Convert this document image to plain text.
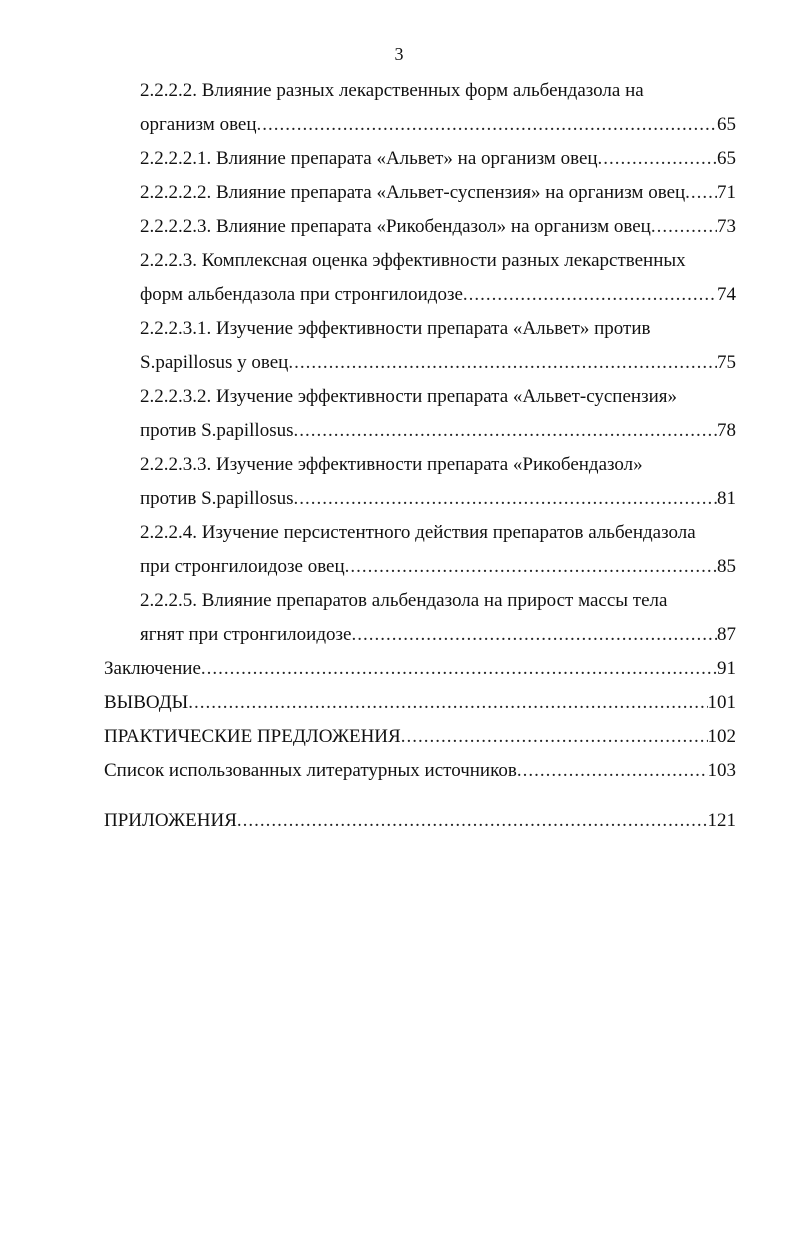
3
2.2.2.2. Влияние разных лекарственных форм альбендазола на
организм овец .....	65
2.2.2.2.1. Влияние препарата «Альвет» на организм овец .....	65
2.2.2.2.2. Влияние препарата «Альвет-суспензия» на организм овец ..... 71
2.2.2.2.3. Влияние препарата «Рикобендазол» на организм овец .....	73
2.2.2.3. Комплексная оценка эффективности разных лекарственных
форм альбендазола при стронгилоидозе .....	74
2.2.2.3.1. Изучение эффективности препарата «Альвет» против
S.papillosus у овец .....	75
2.2.2.3.2. Изучение эффективности препарата «Альвет-суспензия»
против S.papillosus .....	78
2.2.2.3.3. Изучение эффективности препарата «Рикобендазол»
против S.papillosus .....	81
2.2.2.4. Изучение персистентного действия препаратов альбендазола
при стронгилоидозе овец .....	85
2.2.2.5. Влияние препаратов альбендазола на прирост массы тела
ягнят при стронгилоидозе .....	87
Заключение .....	91
ВЫВОДЫ .....	101
ПРАКТИЧЕСКИЕ ПРЕДЛОЖЕНИЯ .....	102
Список использованных литературных источников .....	103
ПРИЛОЖЕНИЯ .....	121
